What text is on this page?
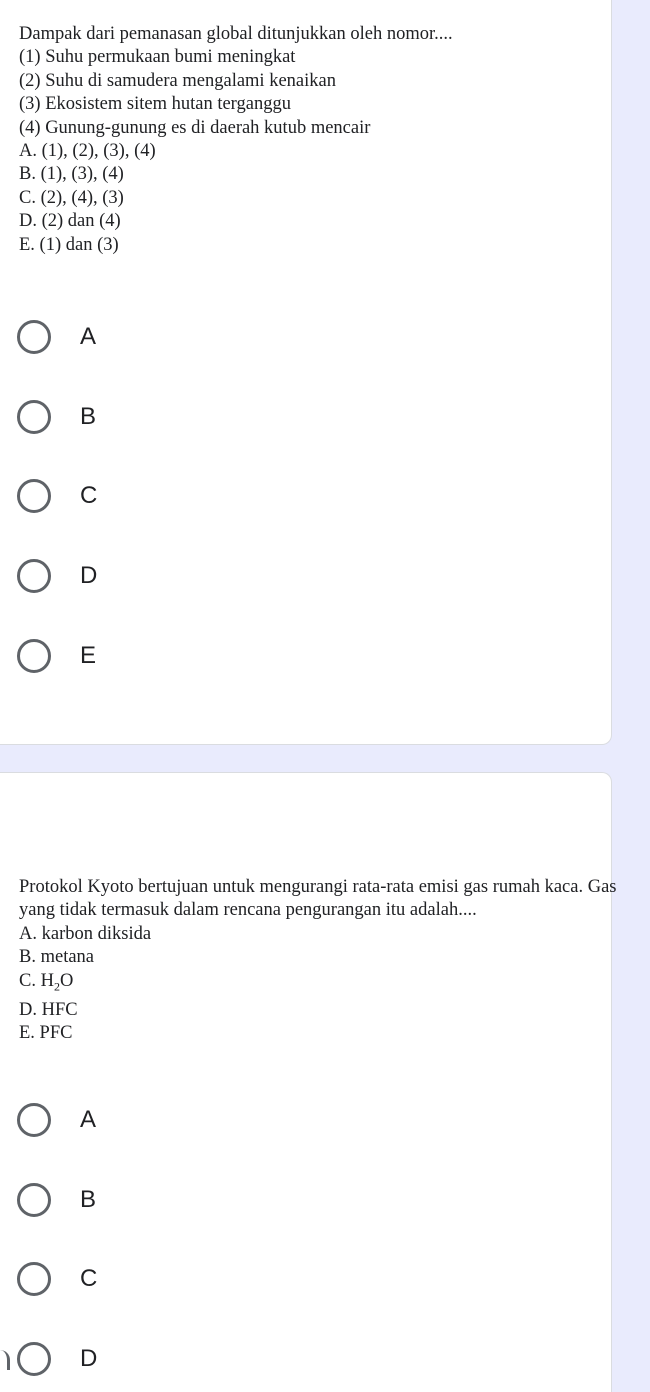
Dampak dari pemanasan global ditunjukkan oleh nomor....
(1) Suhu permukaan bumi meningkat
(2) Suhu di samudera mengalami kenaikan
(3) Ekosistem sitem hutan terganggu
(4) Gunung-gunung es di daerah kutub mencair
A. (1), (2), (3), (4)
B. (1), (3), (4)
C. (2), (4), (3)
D. (2) dan (4)
E. (1) dan (3)
A
B
C
D
E
Protokol Kyoto bertujuan untuk mengurangi rata-rata emisi gas rumah kaca. Gas yang tidak termasuk dalam rencana pengurangan itu adalah....
A. karbon diksida
B. metana
C. $H_2O$
D. HFC
E. PFC
A
B
C
D
